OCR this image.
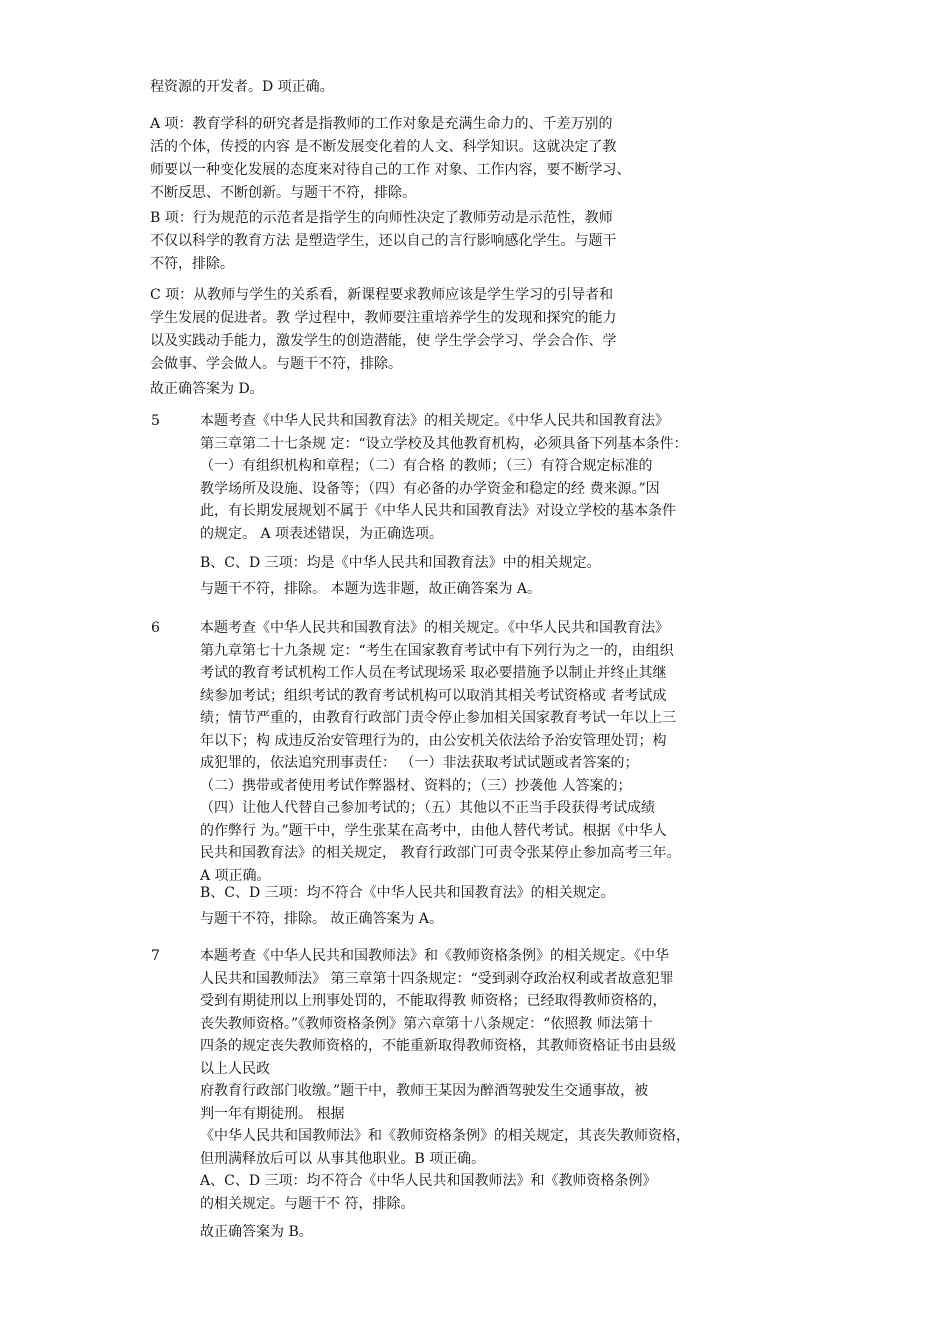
程资源的开发者。D 项正确。
A 项：教育学科的研究者是指教师的工作对象是充满生命力的、千差万别的
活的个体，传授的内容 是不断发展变化着的人文、科学知识。这就决定了教
师要以一种变化发展的态度来对待自己的工作 对象、工作内容，要不断学习、
不断反思、不断创新。与题干不符，排除。
B 项：行为规范的示范者是指学生的向师性决定了教师劳动是示范性，教师
不仅以科学的教育方法 是塑造学生，还以自己的言行影响感化学生。与题干
不符，排除。
C 项：从教师与学生的关系看，新课程要求教师应该是学生学习的引导者和
学生发展的促进者。教 学过程中，教师要注重培养学生的发现和探究的能力
以及实践动手能力，激发学生的创造潜能，使 学生学会学习、学会合作、学
会做事、学会做人。与题干不符，排除。
故正确答案为 D。
5	本题考查《中华人民共和国教育法》的相关规定。《中华人民共和国教育法》
第三章第二十七条规 定：“设立学校及其他教育机构，必须具备下列基本条件：
（一）有组织机构和章程；（二）有合格 的教师；（三）有符合规定标准的
教学场所及设施、设备等；（四）有必备的办学资金和稳定的经 费来源。”因
此，有长期发展规划不属于《中华人民共和国教育法》对设立学校的基本条件
的规定。 A 项表述错误，为正确选项。
B、C、D 三项：均是《中华人民共和国教育法》中的相关规定。
与题干不符，排除。 本题为选非题，故正确答案为 A。
6	本题考查《中华人民共和国教育法》的相关规定。《中华人民共和国教育法》
第九章第七十九条规 定：“考生在国家教育考试中有下列行为之一的，由组织
考试的教育考试机构工作人员在考试现场采 取必要措施予以制止并终止其继
续参加考试；组织考试的教育考试机构可以取消其相关考试资格或 者考试成
绩；情节严重的，由教育行政部门责令停止参加相关国家教育考试一年以上三
年以下；构 成违反治安管理行为的，由公安机关依法给予治安管理处罚；构
成犯罪的，依法追究刑事责任： （一）非法获取考试试题或者答案的；
（二）携带或者使用考试作弊器材、资料的；（三）抄袭他 人答案的；
（四）让他人代替自己参加考试的；（五）其他以不正当手段获得考试成绩
的作弊行 为。”题干中，学生张某在高考中，由他人替代考试。根据《中华人
民共和国教育法》的相关规定， 教育行政部门可责令张某停止参加高考三年。
A 项正确。
B、C、D 三项：均不符合《中华人民共和国教育法》的相关规定。
与题干不符，排除。 故正确答案为 A。
7	本题考查《中华人民共和国教师法》和《教师资格条例》的相关规定。《中华
人民共和国教师法》 第三章第十四条规定：“受到剥夺政治权利或者故意犯罪
受到有期徒刑以上刑事处罚的，不能取得教 师资格；已经取得教师资格的，
丧失教师资格。”《教师资格条例》第六章第十八条规定：“依照教 师法第十
四条的规定丧失教师资格的，不能重新取得教师资格，其教师资格证书由县级
以上人民政
府教育行政部门收缴。”题干中，教师王某因为醉酒驾驶发生交通事故，被
判一年有期徒刑。 根据
《中华人民共和国教师法》和《教师资格条例》的相关规定，其丧失教师资格，
但刑满释放后可以 从事其他职业。B 项正确。
A、C、D 三项：均不符合《中华人民共和国教师法》和《教师资格条例》
的相关规定。与题干不 符，排除。
故正确答案为 B。
